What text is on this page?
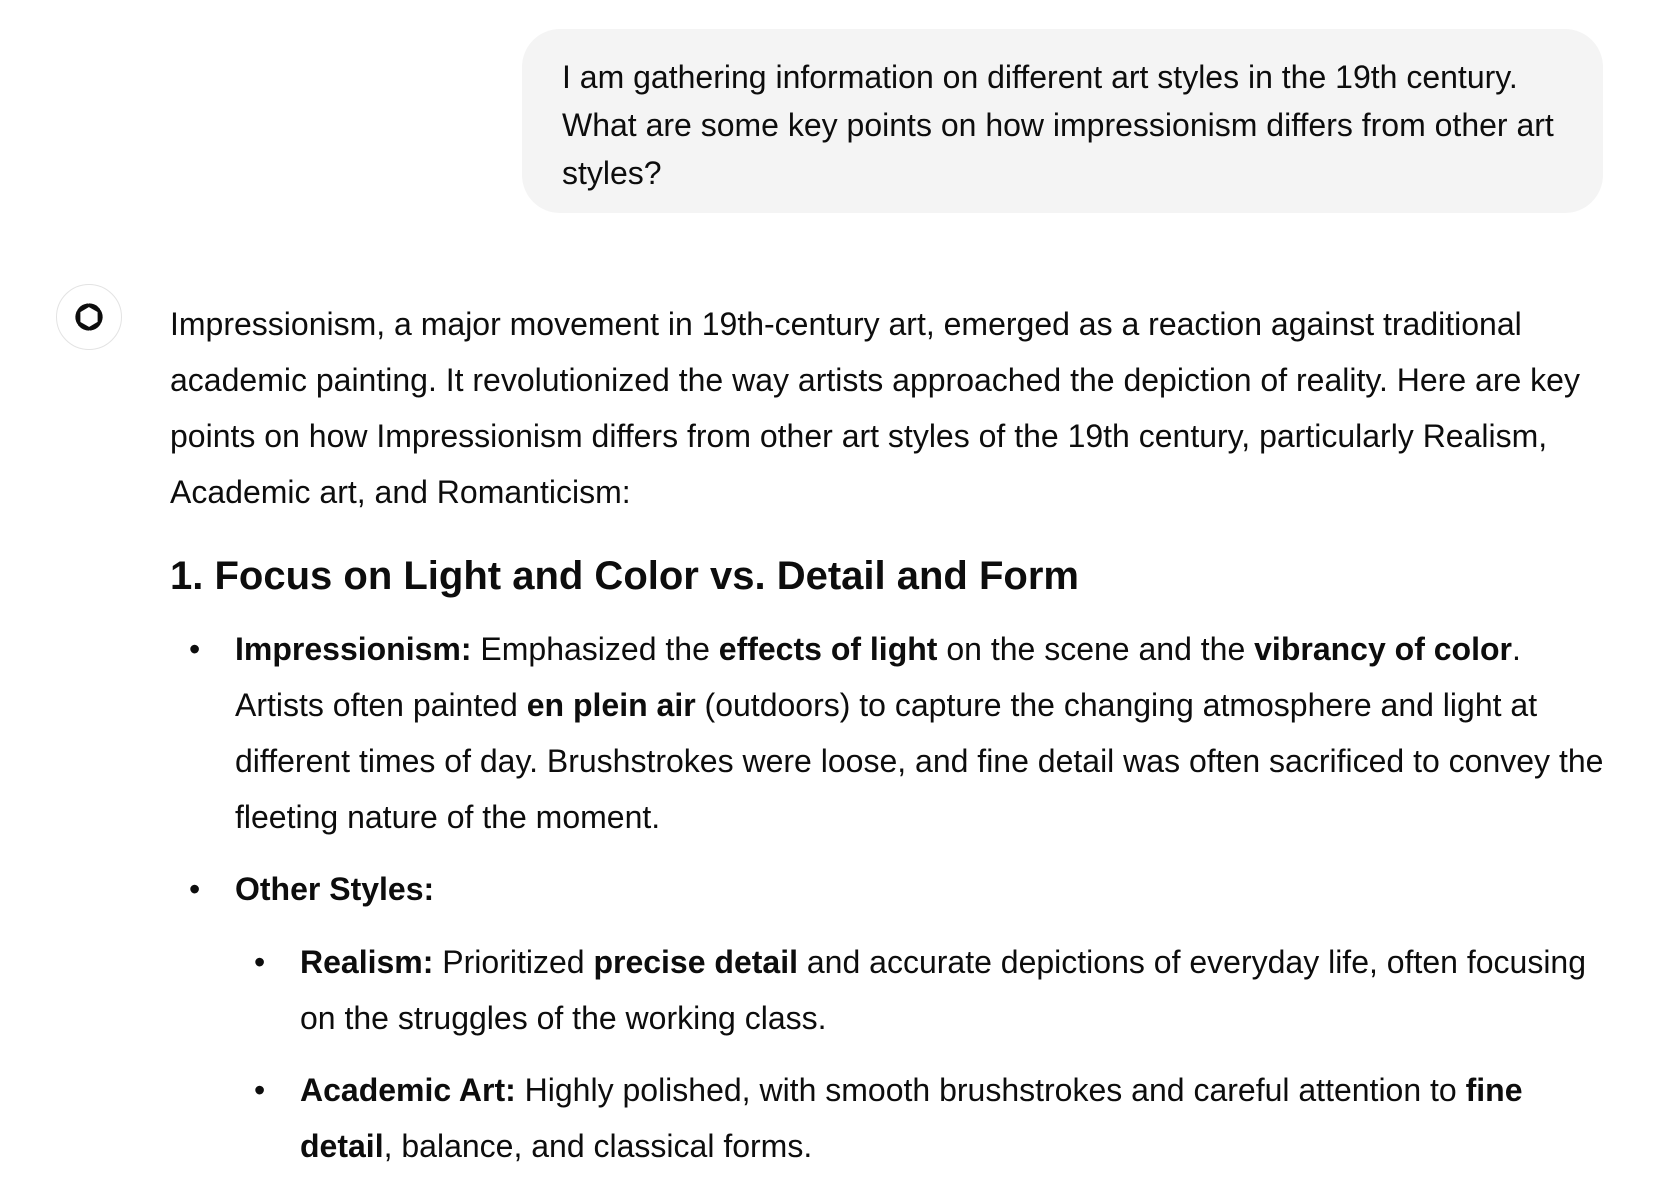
I am gathering information on different art styles in the 19th century. What are some key points on how impressionism differs from other art styles?

Impressionism, a major movement in 19th-century art, emerged as a reaction against traditional academic painting. It revolutionized the way artists approached the depiction of reality. Here are key points on how Impressionism differs from other art styles of the 19th century, particularly Realism, Academic art, and Romanticism:

1. Focus on Light and Color vs. Detail and Form
• Impressionism: Emphasized the effects of light on the scene and the vibrancy of color. Artists often painted en plein air (outdoors) to capture the changing atmosphere and light at different times of day. Brushstrokes were loose, and fine detail was often sacrificed to convey the fleeting nature of the moment.
• Other Styles:
• Realism: Prioritized precise detail and accurate depictions of everyday life, often focusing on the struggles of the working class.
• Academic Art: Highly polished, with smooth brushstrokes and careful attention to fine detail, balance, and classical forms.
